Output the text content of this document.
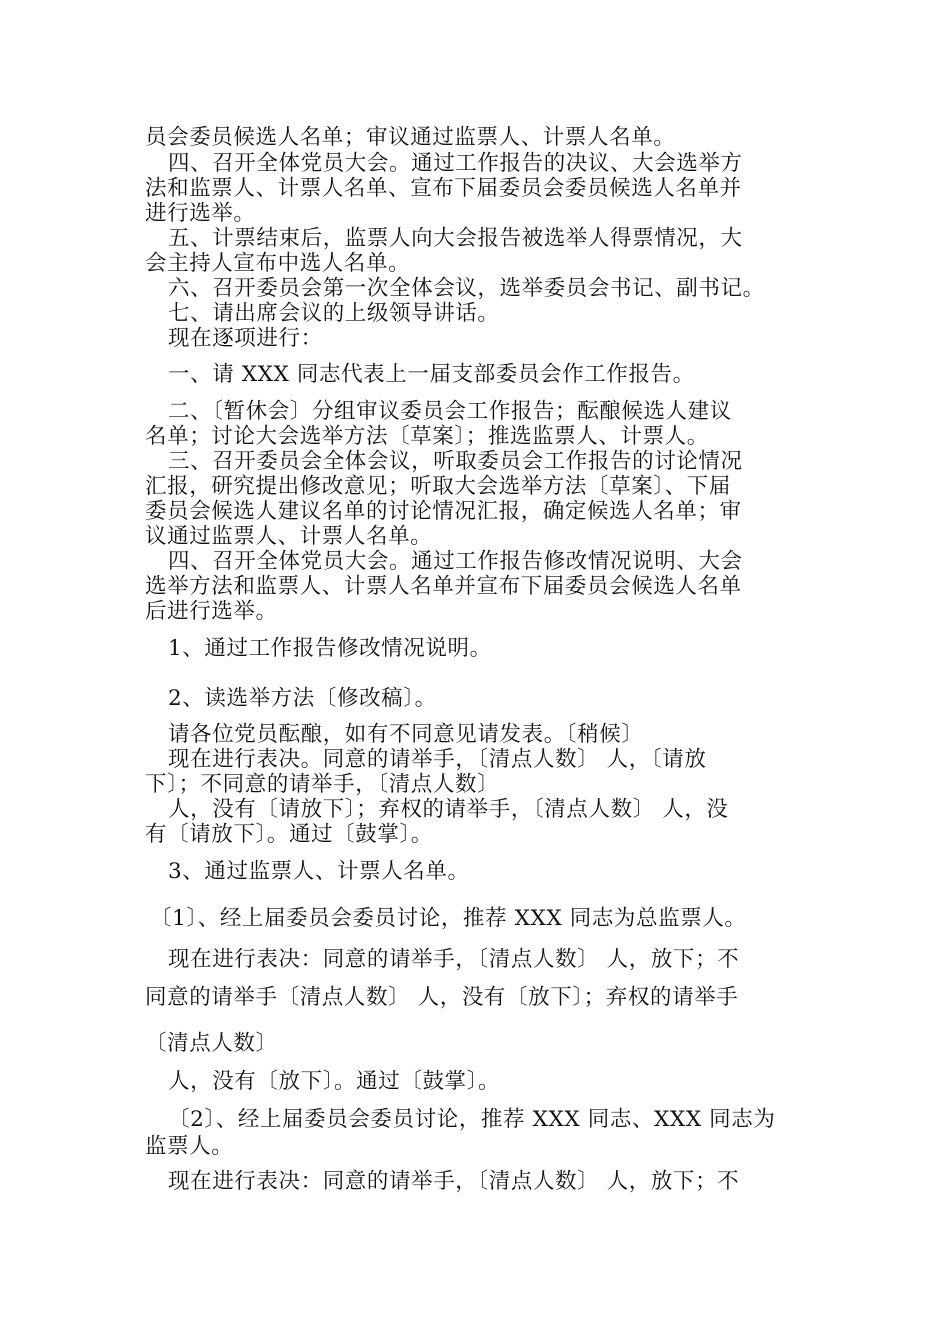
员会委员候选人名单；审议通过监票人、计票人名单。
四、召开全体党员大会。通过工作报告的决议、大会选举方
法和监票人、计票人名单、宣布下届委员会委员候选人名单并
进行选举。
五、计票结束后，监票人向大会报告被选举人得票情况，大
会主持人宣布中选人名单。
六、召开委员会第一次全体会议，选举委员会书记、副书记。
七、请出席会议的上级领导讲话。
现在逐项进行：
一、请 XXX 同志代表上一届支部委员会作工作报告。
二、〔暂休会〕分组审议委员会工作报告；酝酿候选人建议
名单；讨论大会选举方法〔草案〕；推选监票人、计票人。
三、召开委员会全体会议，听取委员会工作报告的讨论情况
汇报，研究提出修改意见；听取大会选举方法〔草案〕、下届
委员会候选人建议名单的讨论情况汇报，确定候选人名单；审
议通过监票人、计票人名单。
四、召开全体党员大会。通过工作报告修改情况说明、大会
选举方法和监票人、计票人名单并宣布下届委员会候选人名单
后进行选举。
1、通过工作报告修改情况说明。
2、读选举方法〔修改稿〕。
请各位党员酝酿，如有不同意见请发表。〔稍候〕
现在进行表决。同意的请举手，〔清点人数〕 人，〔请放
下〕；不同意的请举手，〔清点人数〕
人，没有〔请放下〕；弃权的请举手，〔清点人数〕 人，没
有〔请放下〕。通过〔鼓掌〕。
3、通过监票人、计票人名单。
〔1〕、经上届委员会委员讨论，推荐 XXX 同志为总监票人。
现在进行表决：同意的请举手，〔清点人数〕 人，放下；不
同意的请举手〔清点人数〕 人，没有〔放下〕；弃权的请举手
〔清点人数〕
人，没有〔放下〕。通过〔鼓掌〕。
〔2〕、经上届委员会委员讨论，推荐 XXX 同志、XXX 同志为
监票人。
现在进行表决：同意的请举手，〔清点人数〕 人，放下；不
